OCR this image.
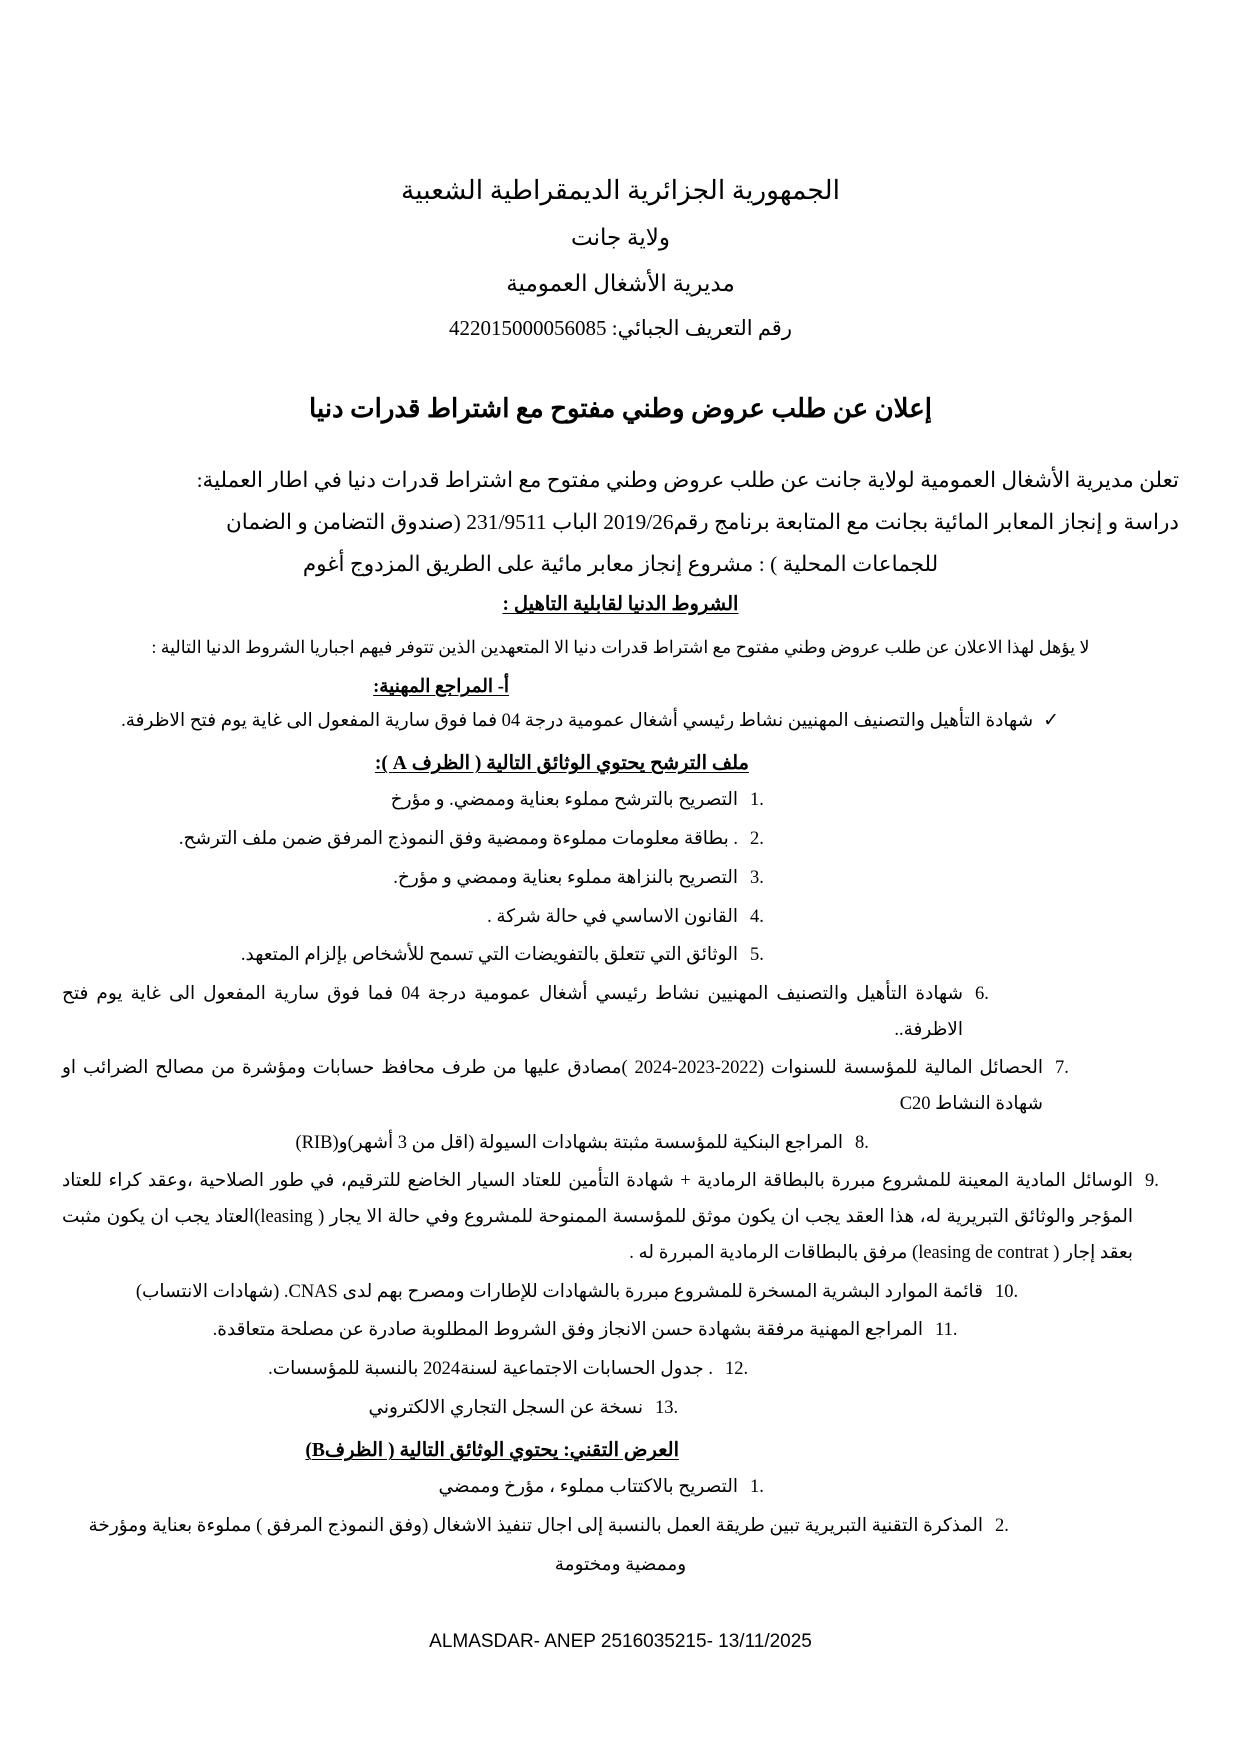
الجمهورية الجزائرية الديمقراطية الشعبية
ولاية جانت
مديرية الأشغال العمومية
رقم التعريف الجبائي: 422015000056085
إعلان عن طلب عروض وطني مفتوح مع اشتراط قدرات دنيا
تعلن مديرية الأشغال العمومية لولاية جانت عن طلب عروض وطني مفتوح مع اشتراط قدرات دنيا في اطار العملية:
دراسة و إنجاز المعابر المائية بجانت مع المتابعة برنامج رقم2019/26 الباب 231/9511 (صندوق التضامن و الضمان
للجماعات المحلية ) : مشروع إنجاز معابر مائية على الطريق المزدوج أغوم
الشروط الدنيا لقابلية التاهيل :
لا يؤهل لهذا الاعلان عن طلب عروض وطني مفتوح مع اشتراط قدرات دنيا الا المتعهدين الذين تتوفر فيهم اجباريا الشروط الدنيا التالية :
أ- المراجع المهنية:
✓
شهادة التأهيل والتصنيف المهنيين نشاط رئيسي أشغال عمومية درجة 04 فما فوق سارية المفعول الى غاية يوم فتح الاظرفة.
ملف الترشح يحتوي الوثائق التالية ( الظرف A ):
1.
التصريح بالترشح مملوء بعناية وممضي. و مؤرخ
2.
. بطاقة معلومات مملوءة وممضية وفق النموذج المرفق ضمن ملف الترشح.
3.
التصريح بالنزاهة مملوء بعناية وممضي و مؤرخ.
4.
القانون الاساسي في حالة شركة .
5.
الوثائق التي تتعلق بالتفويضات التي تسمح للأشخاص بإلزام المتعهد.
6.
شهادة التأهيل والتصنيف المهنيين نشاط رئيسي أشغال عمومية درجة 04 فما فوق سارية المفعول الى غاية يوم فتح الاظرفة..
7.
الحصائل المالية للمؤسسة للسنوات (2022-2023-2024 )مصادق عليها من طرف محافظ حسابات ومؤشرة من مصالح الضرائب او شهادة النشاط C20
8.
المراجع البنكية للمؤسسة مثبتة بشهادات السيولة (اقل من 3 أشهر)و(RIB)
9.
الوسائل المادية المعينة للمشروع مبررة بالبطاقة الرمادية + شهادة التأمين للعتاد السيار الخاضع للترقيم، في طور الصلاحية ،وعقد كراء للعتاد المؤجر والوثائق التبريرية له، هذا العقد يجب ان يكون موثق للمؤسسة الممنوحة للمشروع وفي حالة الا يجار ( leasing)العتاد يجب ان يكون مثبت بعقد إجار ( leasing de contrat) مرفق بالبطاقات الرمادية المبررة له .
10.
قائمة الموارد البشرية المسخرة للمشروع مبررة بالشهادات للإطارات ومصرح بهم لدى CNAS. (شهادات الانتساب)
11.
المراجع المهنية مرفقة بشهادة حسن الانجاز وفق الشروط المطلوبة صادرة عن مصلحة متعاقدة.
12.
. جدول الحسابات الاجتماعية لسنة2024 بالنسبة للمؤسسات.
13.
نسخة عن السجل التجاري الالكتروني
العرض التقني: يحتوي الوثائق التالية ( الظرفB)
1.
التصريح بالاكتتاب مملوء ، مؤرخ وممضي
2.
المذكرة التقنية التبريرية تبين طريقة العمل بالنسبة إلى اجال تنفيذ الاشغال (وفق النموذج المرفق ) مملوءة بعناية ومؤرخة
وممضية ومختومة
ALMASDAR- ANEP 2516035215- 13/11/2025
